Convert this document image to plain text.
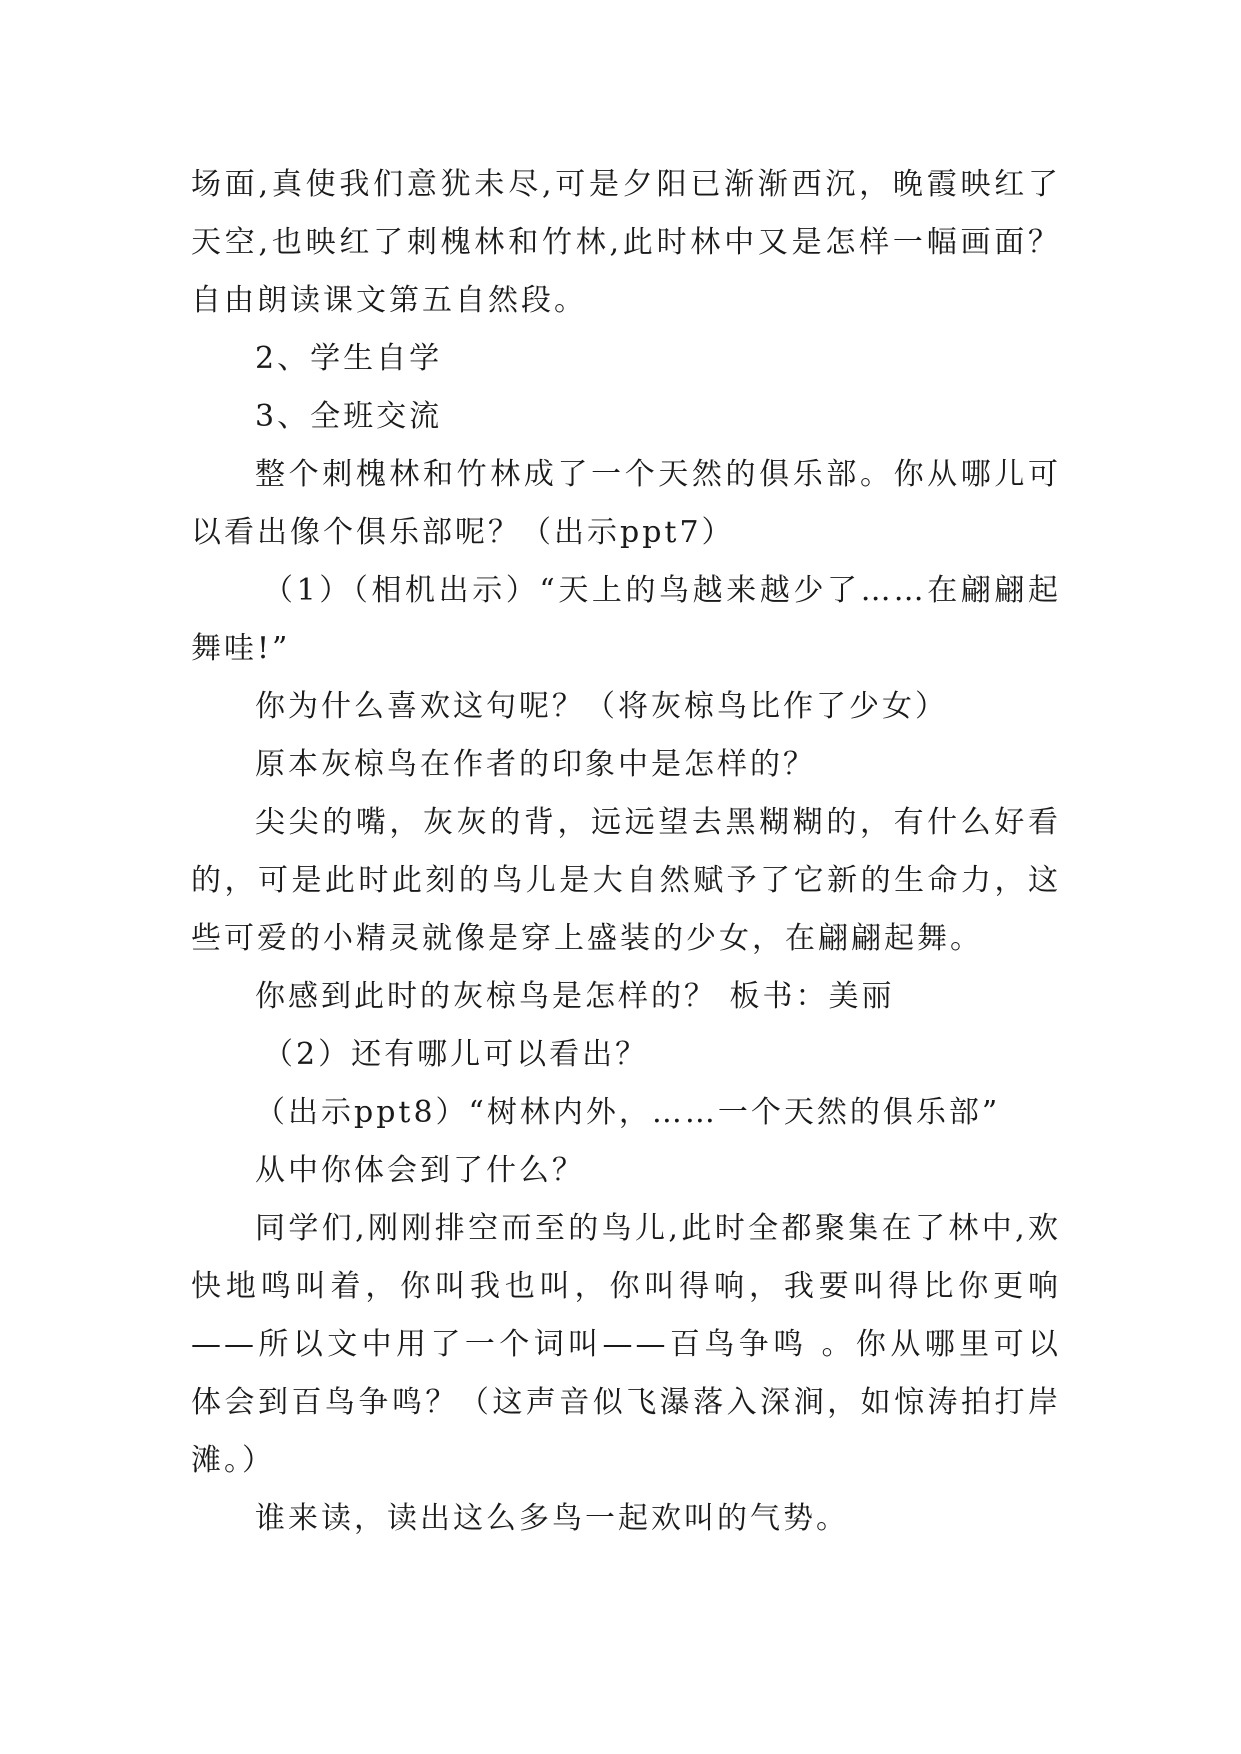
场面,真使我们意犹未尽,可是夕阳已渐渐西沉，晚霞映红了天空,也映红了刺槐林和竹林,此时林中又是怎样一幅画面？自由朗读课文第五自然段。

2、学生自学

3、全班交流

整个刺槐林和竹林成了一个天然的俱乐部。你从哪儿可以看出像个俱乐部呢？（出示ppt7）

（1）（相机出示）“天上的鸟越来越少了……在翩翩起舞哇!”

你为什么喜欢这句呢？（将灰椋鸟比作了少女）

原本灰椋鸟在作者的印象中是怎样的？

尖尖的嘴，灰灰的背，远远望去黑糊糊的，有什么好看的，可是此时此刻的鸟儿是大自然赋予了它新的生命力，这些可爱的小精灵就像是穿上盛装的少女，在翩翩起舞。

你感到此时的灰椋鸟是怎样的？ 板书：美丽

（2）还有哪儿可以看出？

（出示ppt8）“树林内外，……一个天然的俱乐部”

从中你体会到了什么？

同学们,刚刚排空而至的鸟儿,此时全都聚集在了林中,欢快地鸣叫着，你叫我也叫，你叫得响，我要叫得比你更响——所以文中用了一个词叫——百鸟争鸣 。你从哪里可以体会到百鸟争鸣？（这声音似飞瀑落入深涧，如惊涛拍打岸滩。）

谁来读，读出这么多鸟一起欢叫的气势。
